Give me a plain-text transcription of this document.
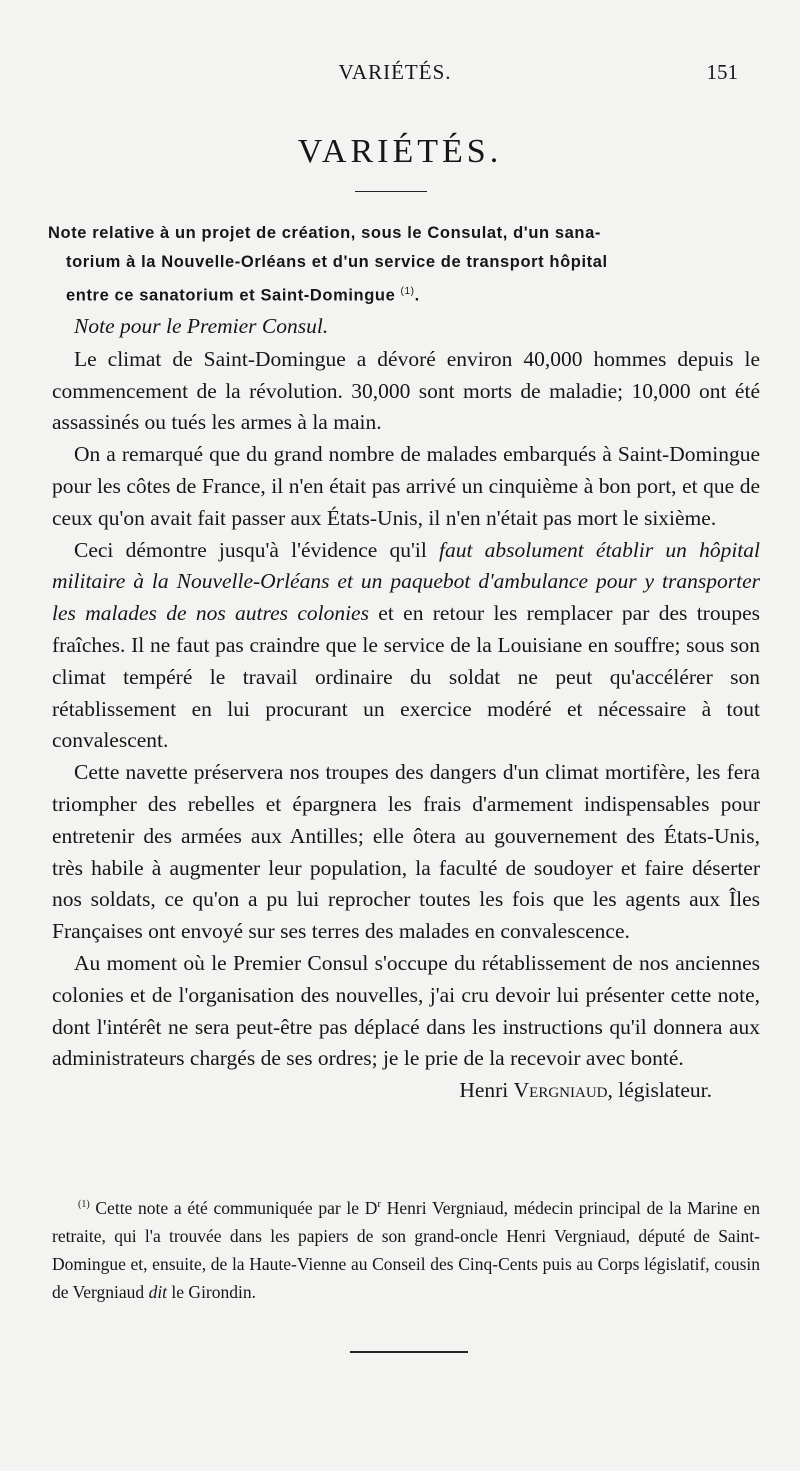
VARIÉTÉS.	151
VARIÉTÉS.
Note relative à un projet de création, sous le Consulat, d'un sana-
torium à la Nouvelle-Orléans et d'un service de transport hôpital
entre ce sanatorium et Saint-Domingue $^{(1)}$.

Note pour le Premier Consul.

Le climat de Saint-Domingue a dévoré environ 40,000 hommes depuis le commencement de la révolution. 30,000 sont morts de maladie; 10,000 ont été assassinés ou tués les armes à la main.

On a remarqué que du grand nombre de malades embarqués à Saint-Domingue pour les côtes de France, il n'en était pas arrivé un cinquième à bon port, et que de ceux qu'on avait fait passer aux États-Unis, il n'en n'était pas mort le sixième.

Ceci démontre jusqu'à l'évidence qu'il faut absolument établir un hôpital militaire à la Nouvelle-Orléans et un paquebot d'ambulance pour y transporter les malades de nos autres colonies et en retour les remplacer par des troupes fraîches. Il ne faut pas craindre que le service de la Louisiane en souffre; sous son climat tempéré le travail ordinaire du soldat ne peut qu'accélérer son rétablissement en lui procurant un exercice modéré et nécessaire à tout convalescent.

Cette navette préservera nos troupes des dangers d'un climat mortifère, les fera triompher des rebelles et épargnera les frais d'armement indispensables pour entretenir des armées aux Antilles; elle ôtera au gouvernement des États-Unis, très habile à augmenter leur population, la faculté de soudoyer et faire déserter nos soldats, ce qu'on a pu lui reprocher toutes les fois que les agents aux Îles Françaises ont envoyé sur ses terres des malades en convalescence.

Au moment où le Premier Consul s'occupe du rétablissement de nos anciennes colonies et de l'organisation des nouvelles, j'ai cru devoir lui présenter cette note, dont l'intérêt ne sera peut-être pas déplacé dans les instructions qu'il donnera aux administrateurs chargés de ses ordres; je le prie de la recevoir avec bonté.

Henri Vergniaud, législateur.

$^{(1)}$ Cette note a été communiquée par le $D^r$ Henri Vergniaud, médecin principal de la Marine en retraite, qui l'a trouvée dans les papiers de son grand-oncle Henri Vergniaud, député de Saint-Domingue et, ensuite, de la Haute-Vienne au Conseil des Cinq-Cents puis au Corps législatif, cousin de Vergniaud dit le Girondin.
